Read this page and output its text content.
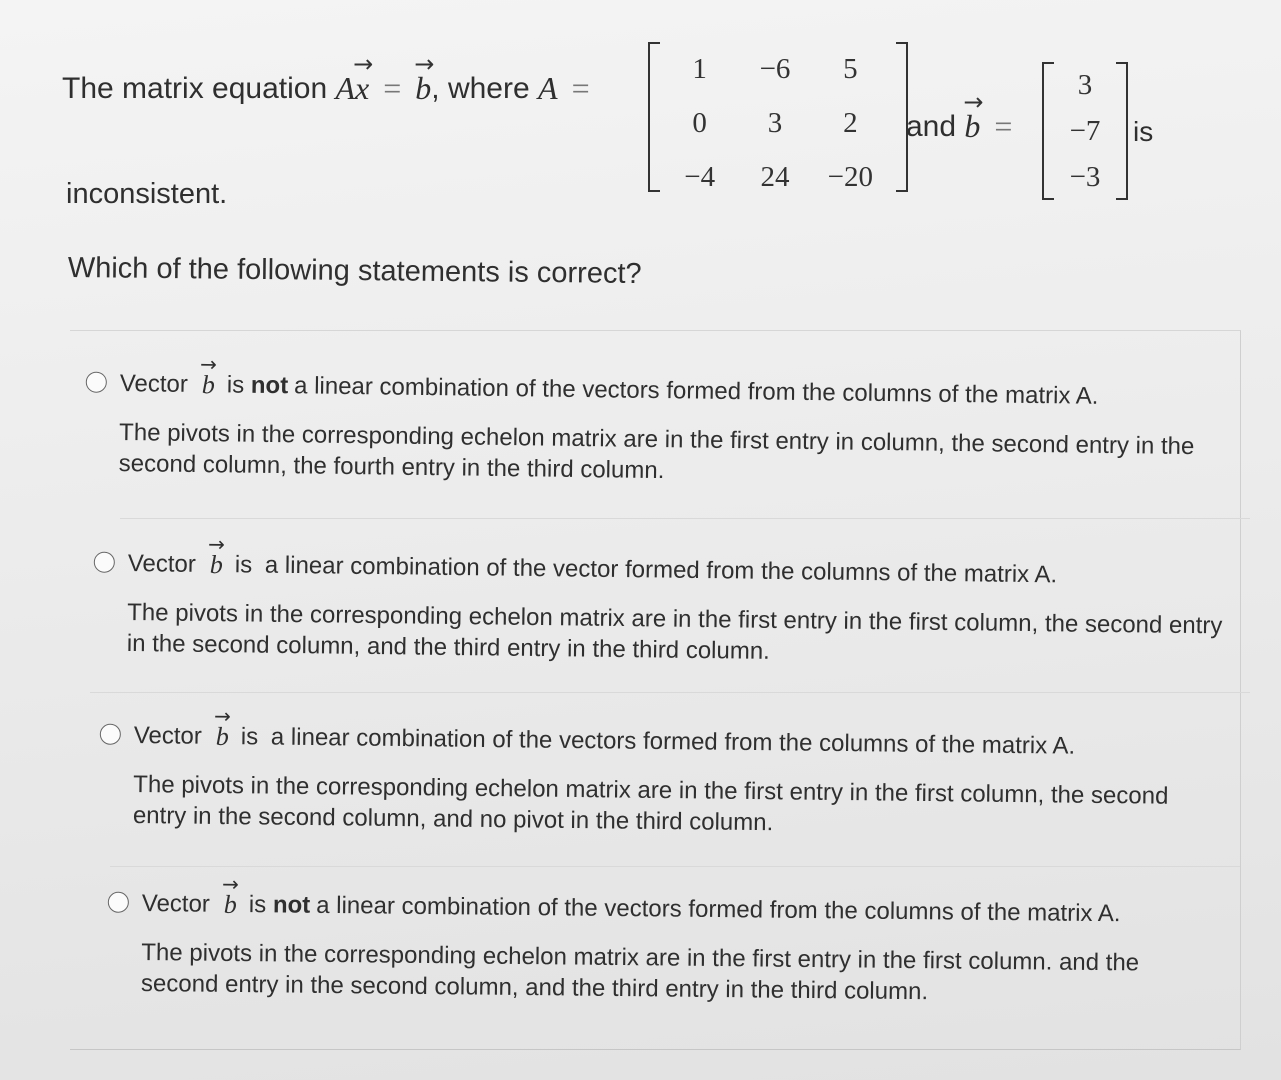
The matrix equation
A
→
x =
→
b , where
A =
1	−6	5
0	3	2
−4	24	−20
and

→
b =
3
−7
−3
is
inconsistent.
Which of the following statements is correct?
Vector
→
b is
not a linear combination of the vectors formed from the columns of the matrix A.
The pivots in the corresponding echelon matrix are in the first entry in column, the second entry in the second column, the fourth entry in the third column.
Vector
→
b is
a linear combination of the vector formed from the columns of the matrix A.
The pivots in the corresponding echelon matrix are in the first entry in the first column, the second entry in the second column, and the third entry in the third column.
Vector
→
b is
a linear combination of the vectors formed from the columns of the matrix A.
The pivots in the corresponding echelon matrix are in the first entry in the first column, the second entry in the second column, and no pivot in the third column.
Vector
→
b is
not a linear combination of the vectors formed from the columns of the matrix A.
The pivots in the corresponding echelon matrix are in the first entry in the first column. and the second entry in the second column, and the third entry in the third column.
